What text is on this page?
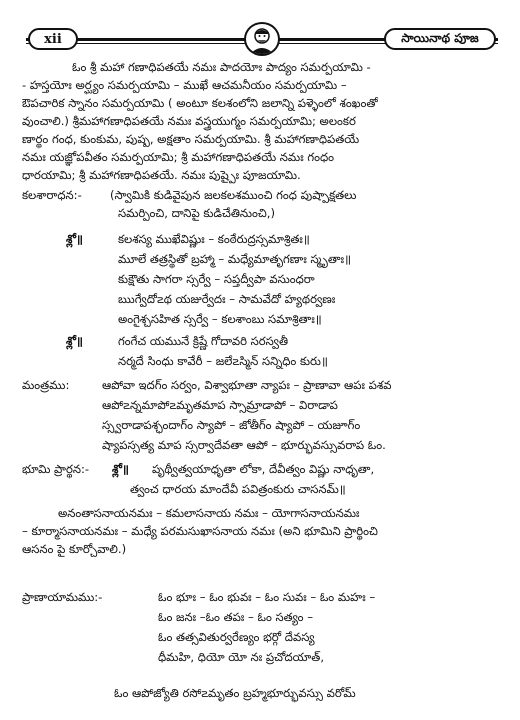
xii	సాయినాథ పూజ
ఓం శ్రీ మహా గణాధిపతయే నమః పాదయోః పాద్యం సమర్పయామి -
- హస్తయోః అర్ఘ్యం సమర్పయామి – ముఖే ఆచమనీయం సమర్పయామి –
ఔపచారిక స్నానం సమర్పయామి ( అంటూ కలశంలోని జలాన్ని పళ్ళెంలో శంఖంతో
వుంచాలి.) శ్రీమహాగణాధిపతయే నమః వస్త్రయుగ్మం సమర్పయామి; అలంకర
ణార్థం గంధ, కుంకుమ, పుష్ప, అక్షతాం సమర్పయామి. శ్రీ మహాగణాధిపతయే
నమః యజ్ఞోపవీతం సమర్పయామి; శ్రీ మహాగణాధిపతయే నమః గంధం
ధారయామి; శ్రీ మహాగణాధిపతయే. నమః పుష్పైః పూజయామి.
కలశారాధన:- (స్వామికి కుడివైపున జలకలశముంచి గంధ పుష్పాక్షతలు
సమర్పించి, దానిపై కుడిచేతినుంచి,)
శ్లో॥	కలశస్య ముఖేవిష్ణుః – కంఠేరుద్రస్సమాశ్రితః॥
మూలే తత్రస్థితో బ్రహ్మా – మధ్యేమాతృగణాః స్మృతాః॥
కుక్షౌతు సాగరా స్సర్వే – సప్తద్వీపా వసుంధరా
ఋగ్వేదో౽థ యజుర్వేదః – సామవేదో హ్యథర్వణః
అంగైశ్చసహిత స్సర్వే – కలశాంబు సమాశ్రితాః॥
శ్లో॥	గంగేచ యమునే క్రిష్ణే గోదావరి సరస్వతీ
నర్మదే సింధు కావేరీ – జలే౽స్మిన్ సన్నిధిం కురు॥
మంత్రము:	ఆపోవా ఇదగ్ం సర్వం, విశ్వాభూతా న్యాపః – ప్రాణావా ఆపః పశవ
ఆపో౽న్నమాపో౽మృతమాప స్సామ్రాడాపో – విరాడాప
స్స్వరాడాపశ్ఛందాగ్ం స్యాపో – జోతీగ్ం ష్యాపో – యజూగ్ం
ష్యాపస్సత్య మాప స్సర్వాదేవతా ఆపో – భూర్భువస్సువరాప ఓం.
భూమి ప్రార్థన:- శ్లో॥ పృథ్వీత్వయాధృతా లోకా, దేవీత్వం విష్ణు నాధృతా,
త్వంచ ధారయ మాందేవీ పవిత్రంకురు చాసనమ్॥
అనంతాసనాయనమః – కమలాసనాయ నమః – యోగాసనాయనమః
– కూర్మాసనాయనమః – మధ్యే పరమసుఖాసనాయ నమః (అని భూమిని ప్రార్థించి
ఆసనం పై కూర్చోవాలి.)
ప్రాణాయామము:-	ఓం భూః – ఓం భువః – ఓం సువః – ఓం మహః –
ఓం జనః –ఓం తపః – ఓం సత్యం –
ఓం తత్సవితుర్వరేణ్యం భర్గో దేవస్య
ధీమహి, ధియో యో నః ప్రచోదయాత్,
ఓం ఆపోజ్యోతి రసో౽మృతం బ్రహ్మభూర్భువస్సు వరోమ్
